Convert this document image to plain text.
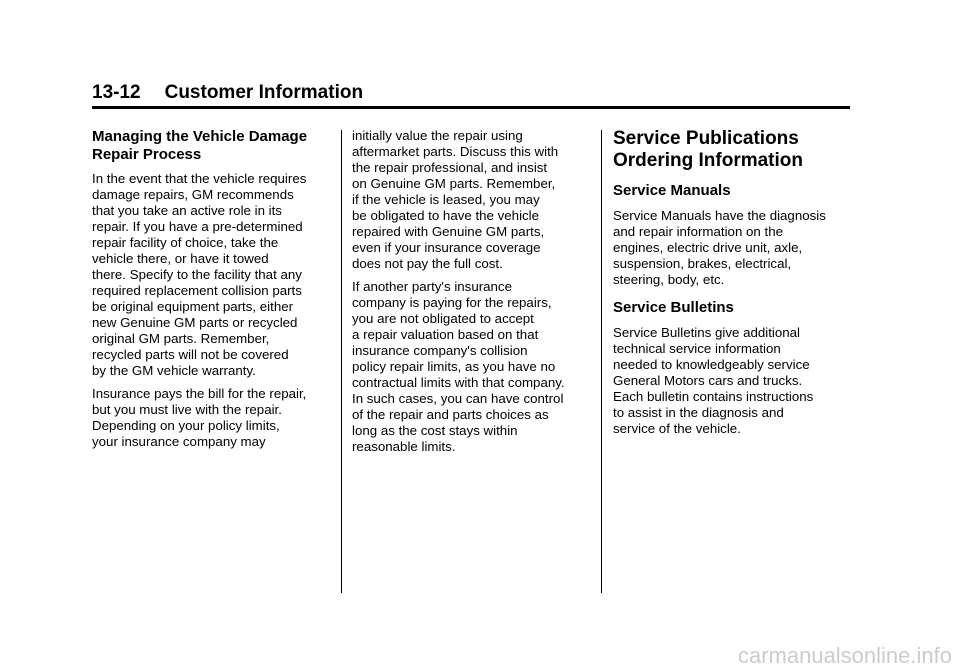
13-12 Customer Information
Managing the Vehicle Damage
Repair Process
In the event that the vehicle requires
damage repairs, GM recommends
that you take an active role in its
repair. If you have a pre-determined
repair facility of choice, take the
vehicle there, or have it towed
there. Specify to the facility that any
required replacement collision parts
be original equipment parts, either
new Genuine GM parts or recycled
original GM parts. Remember,
recycled parts will not be covered
by the GM vehicle warranty.
Insurance pays the bill for the repair,
but you must live with the repair.
Depending on your policy limits,
your insurance company may
initially value the repair using
aftermarket parts. Discuss this with
the repair professional, and insist
on Genuine GM parts. Remember,
if the vehicle is leased, you may
be obligated to have the vehicle
repaired with Genuine GM parts,
even if your insurance coverage
does not pay the full cost.
If another party's insurance
company is paying for the repairs,
you are not obligated to accept
a repair valuation based on that
insurance company's collision
policy repair limits, as you have no
contractual limits with that company.
In such cases, you can have control
of the repair and parts choices as
long as the cost stays within
reasonable limits.
Service Publications
Ordering Information
Service Manuals
Service Manuals have the diagnosis
and repair information on the
engines, electric drive unit, axle,
suspension, brakes, electrical,
steering, body, etc.
Service Bulletins
Service Bulletins give additional
technical service information
needed to knowledgeably service
General Motors cars and trucks.
Each bulletin contains instructions
to assist in the diagnosis and
service of the vehicle.
carmanualsonline.info
